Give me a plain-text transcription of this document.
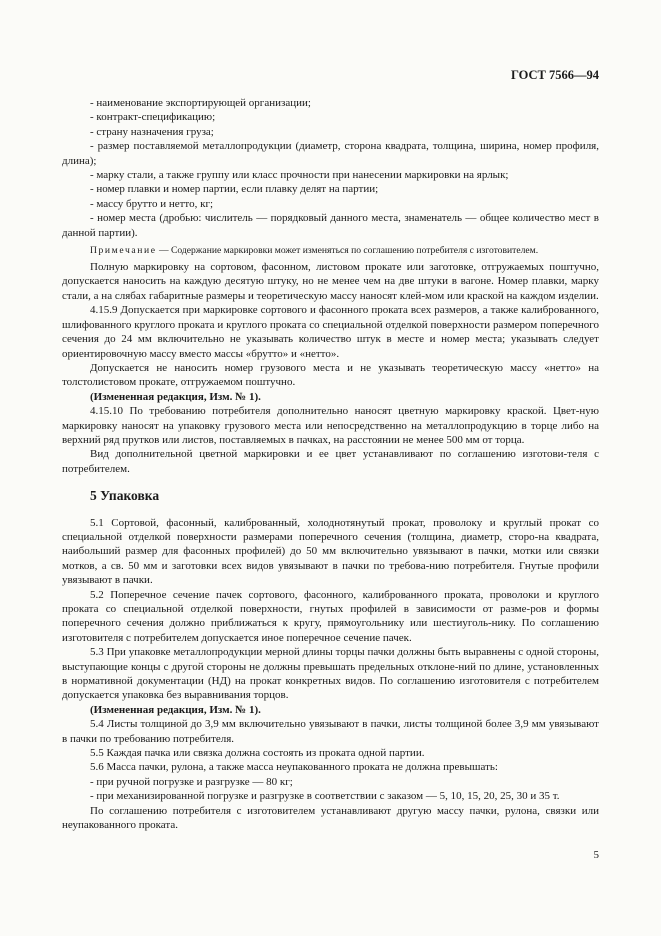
ГОСТ 7566—94

- наименование экспортирующей организации;

- контракт-спецификацию;

- страну назначения груза;

- размер поставляемой металлопродукции (диаметр, сторона квадрата, толщина, ширина, номер профиля, длина);

- марку стали, а также группу или класс прочности при нанесении маркировки на ярлык;

- номер плавки и номер партии, если плавку делят на партии;

- массу брутто и нетто, кг;

- номер места (дробью: числитель — порядковый данного места, знаменатель — общее количество мест в данной партии).

Примечание — Содержание маркировки может изменяться по соглашению потребителя с изготовителем.

Полную маркировку на сортовом, фасонном, листовом прокате или заготовке, отгружаемых поштучно, допускается наносить на каждую десятую штуку, но не менее чем на две штуки в вагоне. Номер плавки, марку стали, а на слябах габаритные размеры и теоретическую массу наносят клей-мом или краской на каждом изделии.

4.15.9 Допускается при маркировке сортового и фасонного проката всех размеров, а также калиброванного, шлифованного круглого проката и круглого проката со специальной отделкой поверхности размером поперечного сечения до 24 мм включительно не указывать количество штук в месте и номер места; указывать следует ориентировочную массу вместо массы «брутто» и «нетто».

Допускается не наносить номер грузового места и не указывать теоретическую массу «нетто» на толстолистовом прокате, отгружаемом поштучно.

(Измененная редакция, Изм. № 1).

4.15.10 По требованию потребителя дополнительно наносят цветную маркировку краской. Цвет-ную маркировку наносят на упаковку грузового места или непосредственно на металлопродукцию в торце либо на верхний ряд прутков или листов, поставляемых в пачках, на расстоянии не менее 500 мм от торца.

Вид дополнительной цветной маркировки и ее цвет устанавливают по соглашению изготови-теля с потребителем.

5 Упаковка

5.1 Сортовой, фасонный, калиброванный, холоднотянутый прокат, проволоку и круглый прокат со специальной отделкой поверхности размерами поперечного сечения (толщина, диаметр, сторо-на квадрата, наибольший размер для фасонных профилей) до 50 мм включительно увязывают в пачки, мотки или связки мотков, а св. 50 мм и заготовки всех видов увязывают в пачки по требова-нию потребителя. Гнутые профили увязывают в пачки.

5.2 Поперечное сечение пачек сортового, фасонного, калиброванного проката, проволоки и круглого проката со специальной отделкой поверхности, гнутых профилей в зависимости от разме-ров и формы поперечного сечения должно приближаться к кругу, прямоугольнику или шестиуголь-нику. По соглашению изготовителя с потребителем допускается иное поперечное сечение пачек.

5.3 При упаковке металлопродукции мерной длины торцы пачки должны быть выравнены с одной стороны, выступающие концы с другой стороны не должны превышать предельных отклоне-ний по длине, установленных в нормативной документации (НД) на прокат конкретных видов. По соглашению изготовителя с потребителем допускается упаковка без выравнивания торцов.

(Измененная редакция, Изм. № 1).

5.4 Листы толщиной до 3,9 мм включительно увязывают в пачки, листы толщиной более 3,9 мм увязывают в пачки по требованию потребителя.

5.5 Каждая пачка или связка должна состоять из проката одной партии.

5.6 Масса пачки, рулона, а также масса неупакованного проката не должна превышать:

- при ручной погрузке и разгрузке — 80 кг;

- при механизированной погрузке и разгрузке в соответствии с заказом — 5, 10, 15, 20, 25, 30 и 35 т.

По соглашению потребителя с изготовителем устанавливают другую массу пачки, рулона, связки или неупакованного проката.

5
